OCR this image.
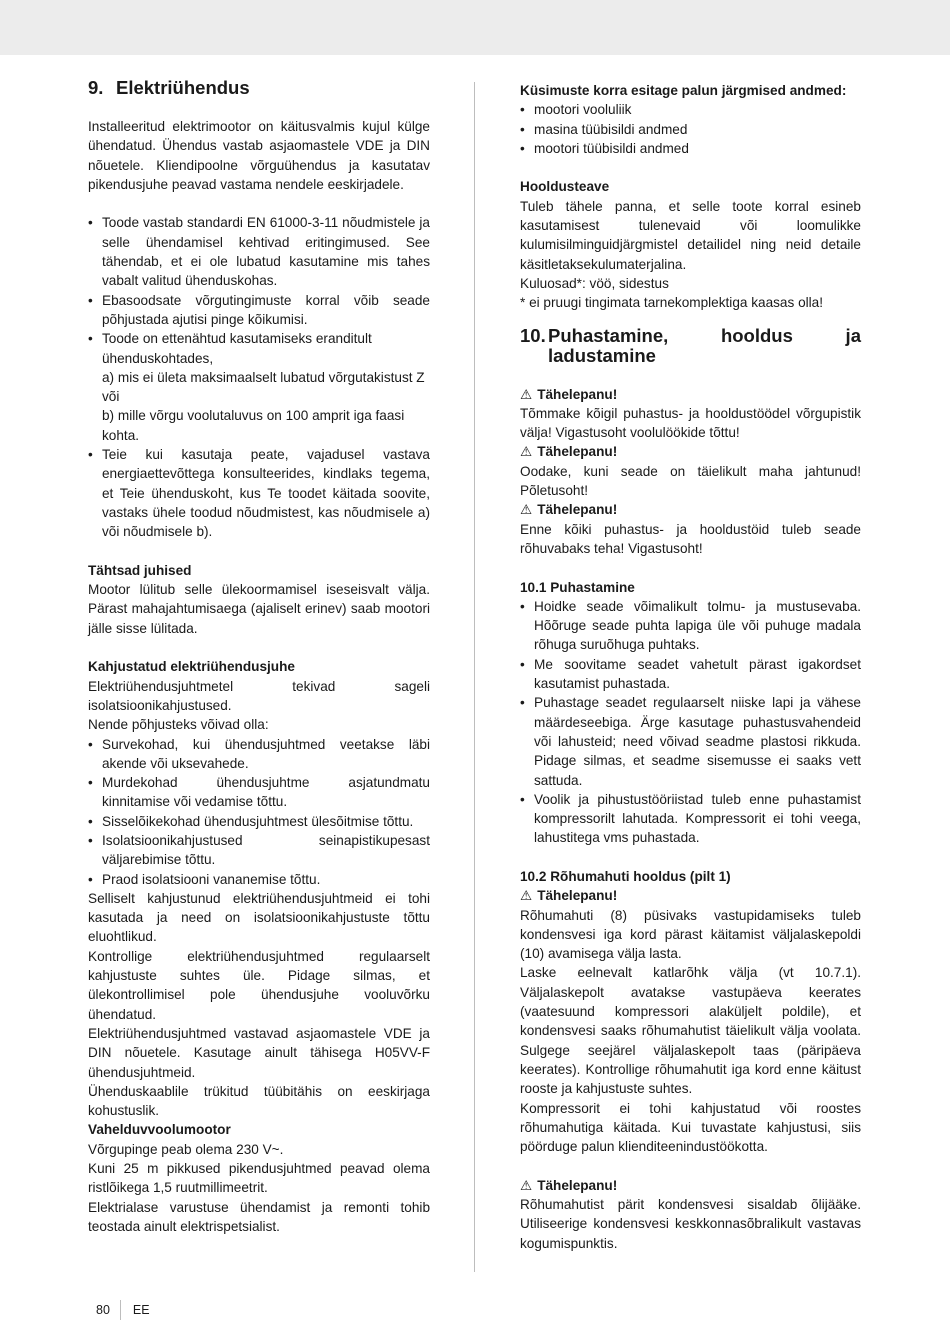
9. Elektriühendus

Installeeritud elektrimootor on käitusvalmis kujul külge ühendatud. Ühendus vastab asjaomastele VDE ja DIN nõuetele. Kliendipoolne võrguühendus ja kasutatav pikendusjuhe peavad vastama nendele eeskirjadele.

• Toode vastab standardi EN 61000-3-11 nõudmistele ja selle ühendamisel kehtivad eritingimused. See tähendab, et ei ole lubatud kasutamine mis tahes vabalt valitud ühenduskohas.
• Ebasoodsate võrgutingimuste korral võib seade põhjustada ajutisi pinge kõikumisi.
• Toode on ettenähtud kasutamiseks eranditult ühenduskohtades,
a) mis ei ületa maksimaalselt lubatud võrgutakistust Z või
b) mille võrgu voolutaluvus on 100 amprit iga faasi kohta.
• Teie kui kasutaja peate, vajadusel vastava energiaettevõttega konsulteerides, kindlaks tegema, et Teie ühenduskoht, kus Te toodet käitada soovite, vastaks ühele toodud nõudmistest, kas nõudmisele a) või nõudmisele b).

Tähtsad juhised

Mootor lülitub selle ülekoormamisel iseseisvalt välja. Pärast mahajahtumisaega (ajaliselt erinev) saab mootori jälle sisse lülitada.

Kahjustatud elektriühendusjuhe

Elektriühendusjuhtmetel tekivad sageli isolatsioonikahjustused.

Nende põhjusteks võivad olla:

• Survekohad, kui ühendusjuhtmed veetakse läbi akende või uksevahede.
• Murdekohad ühendusjuhtme asjatundmatu kinnitamise või vedamise tõttu.
• Sisselõikekohad ühendusjuhtmest ülesõitmise tõttu.
• Isolatsioonikahjustused seinapistikupesast väljarebimise tõttu.
• Praod isolatsiooni vananemise tõttu.

Selliselt kahjustunud elektriühendusjuhtmeid ei tohi kasutada ja need on isolatsioonikahjustuste tõttu eluohtlikud.

Kontrollige elektriühendusjuhtmed regulaarselt kahjustuste suhtes üle. Pidage silmas, et ülekontrollimisel pole ühendusjuhe vooluvõrku ühendatud.

Elektriühendusjuhtmed vastavad asjaomastele VDE ja DIN nõuetele. Kasutage ainult tähisega H05VV-F ühendusjuhtmeid.

Ühenduskaablile trükitud tüübitähis on eeskirjaga kohustuslik.

Vahelduvvoolumootor

Võrgupinge peab olema 230 V~.

Kuni 25 m pikkused pikendusjuhtmed peavad olema ristlõikega 1,5 ruutmillimeetrit.

Elektrialase varustuse ühendamist ja remonti tohib teostada ainult elektrispetsialist.

Küsimuste korra esitage palun järgmised andmed:

• mootori vooluliik
• masina tüübisildi andmed
• mootori tüübisildi andmed

Hooldusteave

Tuleb tähele panna, et selle toote korral esineb kasutamisest tulenevaid või loomulikke kulumisilminguidjärgmistel detailidel ning neid detaile käsitletaksekulumaterjalina.

Kuluosad*: vöö, sidestus

* ei pruugi tingimata tarnekomplektiga kaasas olla!

10. Puhastamine, hooldus ja
ladustamine

⚠ Tähelepanu!

Tõmmake kõigil puhastus- ja hooldustöödel võrgupistik välja! Vigastusoht voolulöökide tõttu!

⚠ Tähelepanu!

Oodake, kuni seade on täielikult maha jahtunud! Põletusoht!

⚠ Tähelepanu!

Enne kõiki puhastus- ja hooldustöid tuleb seade rõhuvabaks teha! Vigastusoht!

10.1 Puhastamine

• Hoidke seade võimalikult tolmu- ja mustusevaba. Hõõruge seade puhta lapiga üle või puhuge madala rõhuga suruõhuga puhtaks.
• Me soovitame seadet vahetult pärast igakordset kasutamist puhastada.
• Puhastage seadet regulaarselt niiske lapi ja vähese määrdeseebiga. Ärge kasutage puhastusvahendeid või lahusteid; need võivad seadme plastosi rikkuda. Pidage silmas, et seadme sisemusse ei saaks vett sattuda.
• Voolik ja pihustustööriistad tuleb enne puhastamist kompressorilt lahutada. Kompressorit ei tohi veega, lahustitega vms puhastada.

10.2 Rõhumahuti hooldus (pilt 1)

⚠ Tähelepanu!

Rõhumahuti (8) püsivaks vastupidamiseks tuleb kondensvesi iga kord pärast käitamist väljalaskepoldi (10) avamisega välja lasta.

Laske eelnevalt katlarõhk välja (vt 10.7.1). Väljalaskepolt avatakse vastupäeva keerates (vaatesuund kompressori alaküljelt poldile), et kondensvesi saaks rõhumahutist täielikult välja voolata. Sulgege seejärel väljalaskepolt taas (päripäeva keerates). Kontrollige rõhumahutit iga kord enne käitust rooste ja kahjustuste suhtes.

Kompressorit ei tohi kahjustatud või roostes rõhumahutiga käitada. Kui tuvastate kahjustusi, siis pöörduge palun klienditeenindustöökotta.

⚠ Tähelepanu!

Rõhumahutist pärit kondensvesi sisaldab õlijääke. Utiliseerige kondensvesi keskkonnasõbralikult vastavas kogumispunktis.

80	EE
